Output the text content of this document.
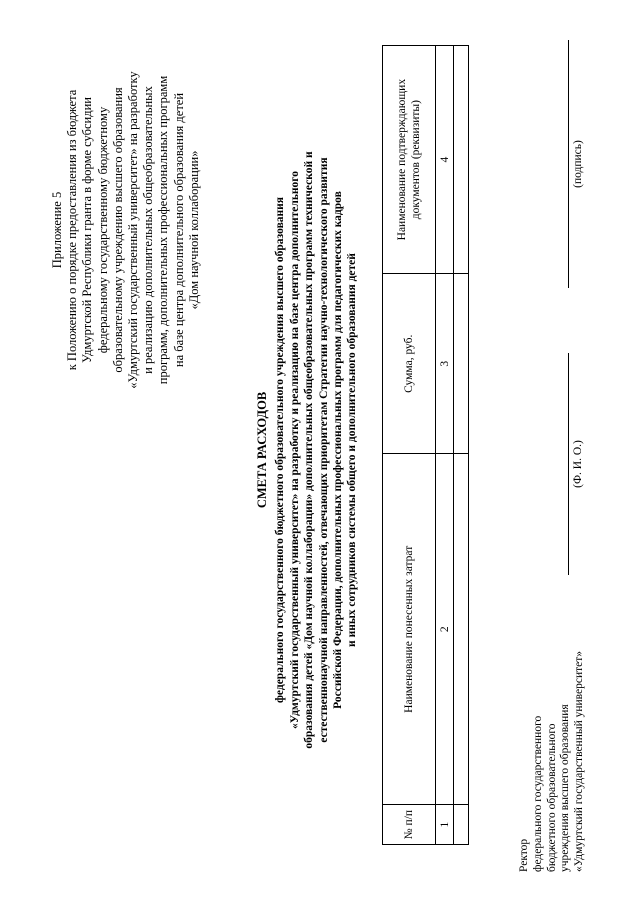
Приложение 5 к Положению о порядке предоставления из бюджета Удмуртской Республики гранта в форме субсидии федеральному государственному бюджетному образовательному учреждению высшего образования «Удмуртский государственный университет» на разработку и реализацию дополнительных общеобразовательных программ, дополнительных профессиональных программ на базе центра дополнительного образования детей «Дом научной коллаборации»
СМЕТА РАСХОДОВ федерального государственного бюджетного образовательного учреждения высшего образования «Удмуртский государственный университет» на разработку и реализацию на базе центра дополнительного образования детей «Дом научной коллаборации» дополнительных общеобразовательных программ технической и естественнонаучной направленностей, отвечающих приоритетам Стратегии научно-технологического развития Российской Федерации, дополнительных профессиональных программ для педагогических кадров и иных сотрудников системы общего и дополнительного образования детей
№ п/п	Наименование понесенных затрат	Сумма, руб.	Наименование подтверждающих документов (реквизиты)
1	2	3	4

Ректор федерального государственного бюджетного образовательного учреждения высшего образования «Удмуртский государственный университет»
(Ф. И. О.)
(подпись)
